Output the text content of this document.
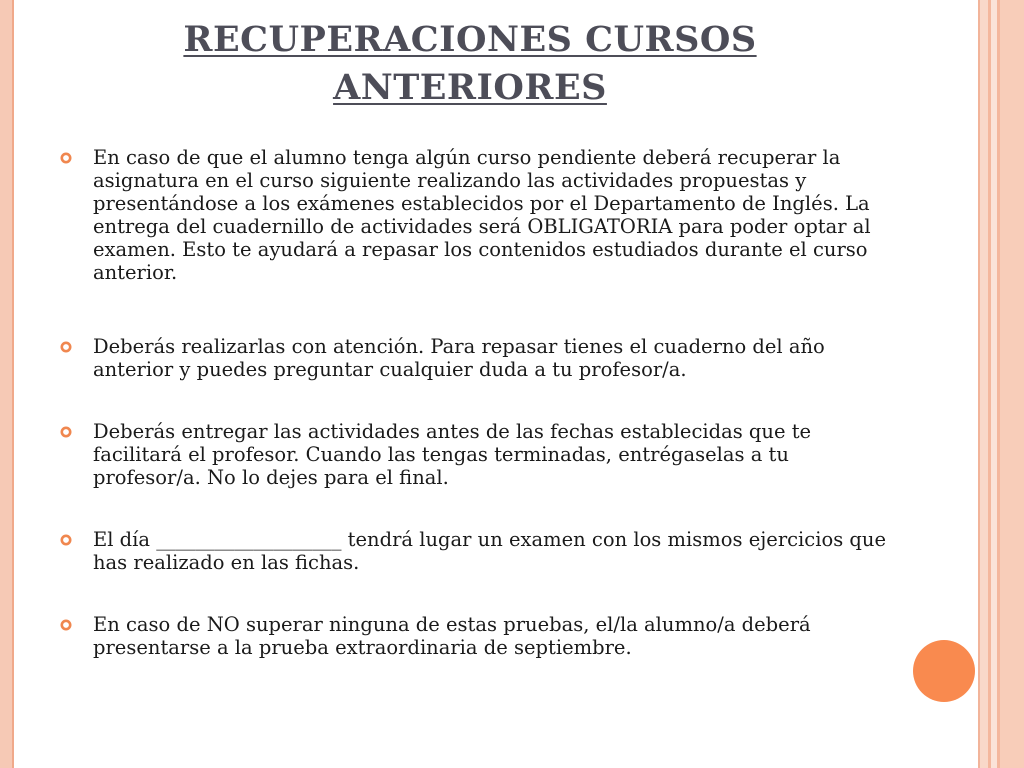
RECUPERACIONES CURSOS
ANTERIORES
En caso de que el alumno tenga algún curso pendiente deberá recuperar la asignatura en el curso siguiente realizando las actividades propuestas y presentándose a los exámenes establecidos por el Departamento de Inglés. La entrega del cuadernillo de actividades será OBLIGATORIA para poder optar al examen. Esto te ayudará a repasar los contenidos estudiados durante el curso anterior.
Deberás realizarlas con atención. Para repasar tienes el cuaderno del año anterior y puedes preguntar cualquier duda a tu profesor/a.
Deberás entregar las actividades antes de las fechas establecidas que te facilitará el profesor. Cuando las tengas terminadas, entrégaselas a tu profesor/a. No lo dejes para el final.
El día ___________________ tendrá lugar un examen con los mismos ejercicios que has realizado en las fichas.
En caso de NO superar ninguna de estas pruebas, el/la alumno/a deberá presentarse a la prueba extraordinaria de septiembre.
